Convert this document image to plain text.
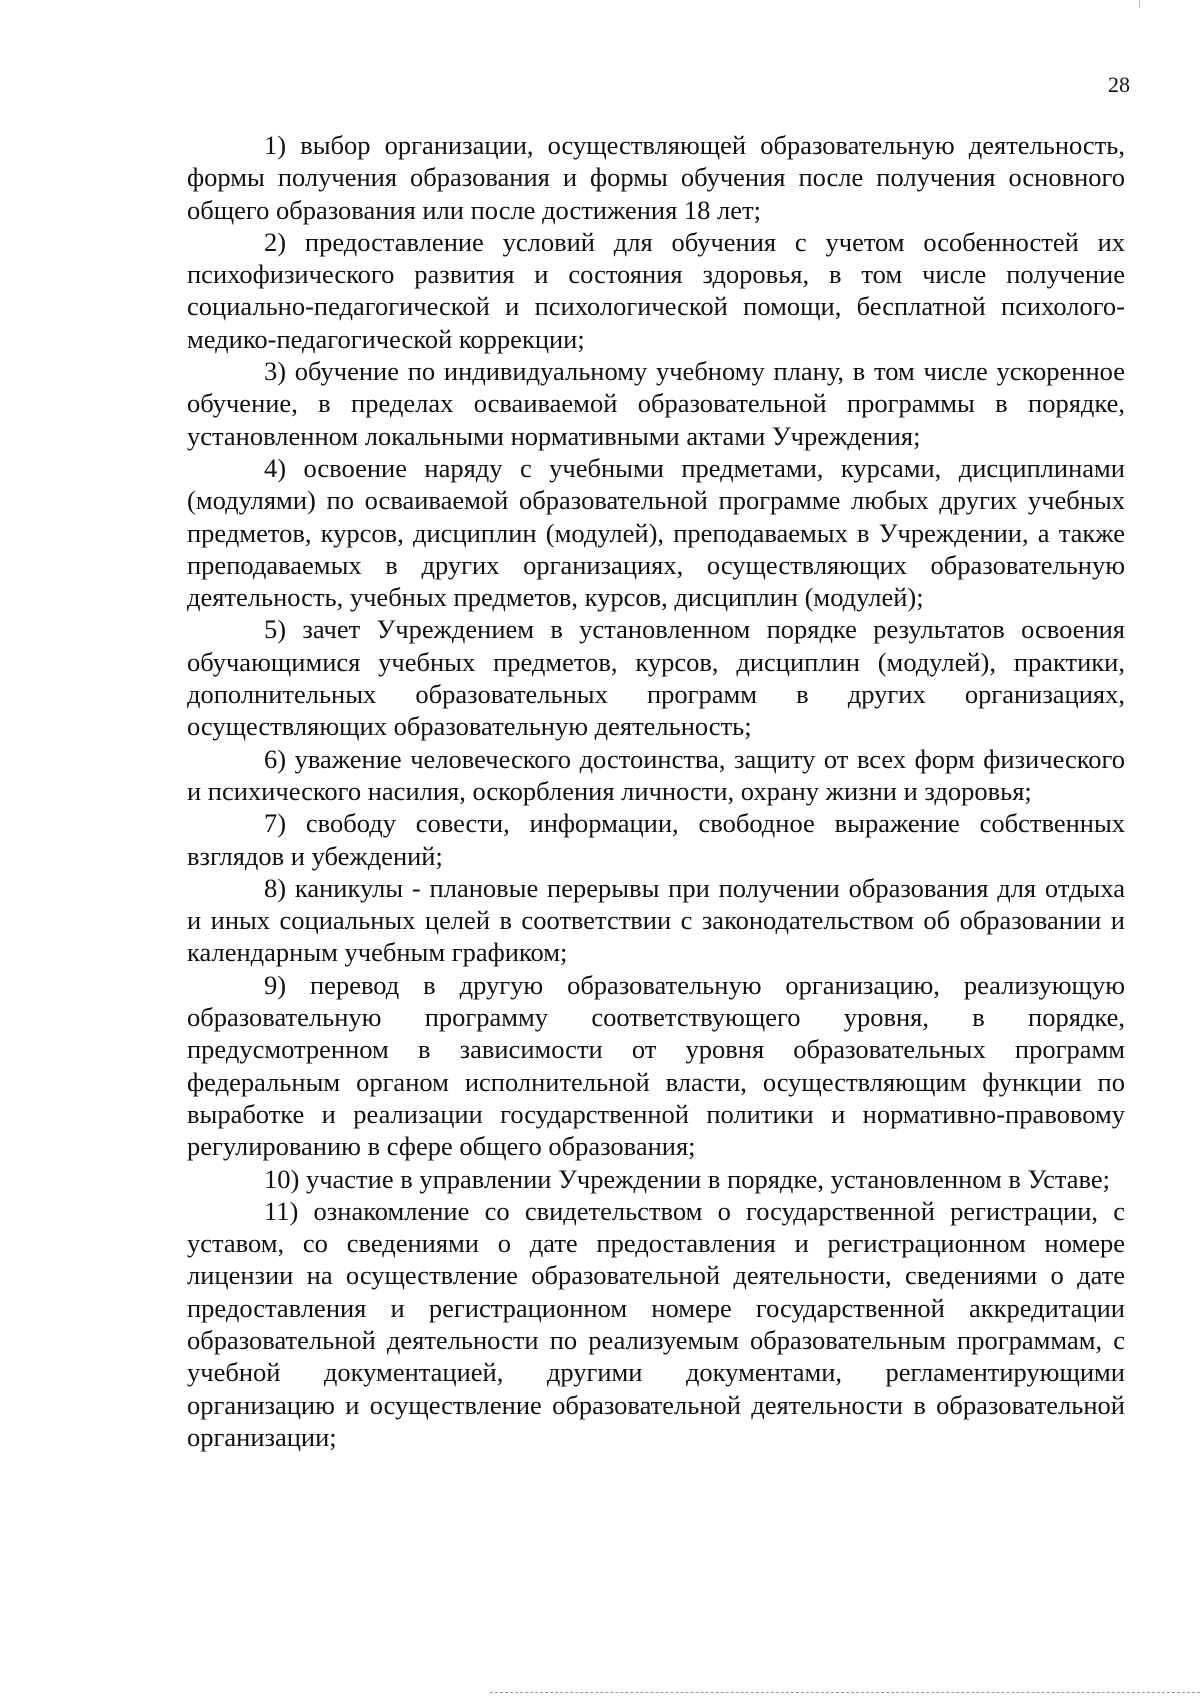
28

1) выбор организации, осуществляющей образовательную деятельность, формы получения образования и формы обучения после получения основного общего образования или после достижения 18 лет;

2) предоставление условий для обучения с учетом особенностей их психофизического развития и состояния здоровья, в том числе получение социально-педагогической и психологической помощи, бесплатной психолого-медико-педагогической коррекции;

3) обучение по индивидуальному учебному плану, в том числе ускоренное обучение, в пределах осваиваемой образовательной программы в порядке, установленном локальными нормативными актами Учреждения;

4) освоение наряду с учебными предметами, курсами, дисциплинами (модулями) по осваиваемой образовательной программе любых других учебных предметов, курсов, дисциплин (модулей), преподаваемых в Учреждении, а также преподаваемых в других организациях, осуществляющих образовательную деятельность, учебных предметов, курсов, дисциплин (модулей);

5) зачет Учреждением в установленном порядке результатов освоения обучающимися учебных предметов, курсов, дисциплин (модулей), практики, дополнительных образовательных программ в других организациях, осуществляющих образовательную деятельность;

6) уважение человеческого достоинства, защиту от всех форм физического и психического насилия, оскорбления личности, охрану жизни и здоровья;

7) свободу совести, информации, свободное выражение собственных взглядов и убеждений;

8) каникулы - плановые перерывы при получении образования для отдыха и иных социальных целей в соответствии с законодательством об образовании и календарным учебным графиком;

9) перевод в другую образовательную организацию, реализующую образовательную программу соответствующего уровня, в порядке, предусмотренном в зависимости от уровня образовательных программ федеральным органом исполнительной власти, осуществляющим функции по выработке и реализации государственной политики и нормативно-правовому регулированию в сфере общего образования;

10) участие в управлении Учреждении в порядке, установленном в Уставе;

11) ознакомление со свидетельством о государственной регистрации, с уставом, со сведениями о дате предоставления и регистрационном номере лицензии на осуществление образовательной деятельности, сведениями о дате предоставления и регистрационном номере государственной аккредитации образовательной деятельности по реализуемым образовательным программам, с учебной документацией, другими документами, регламентирующими организацию и осуществление образовательной деятельности в образовательной организации;
